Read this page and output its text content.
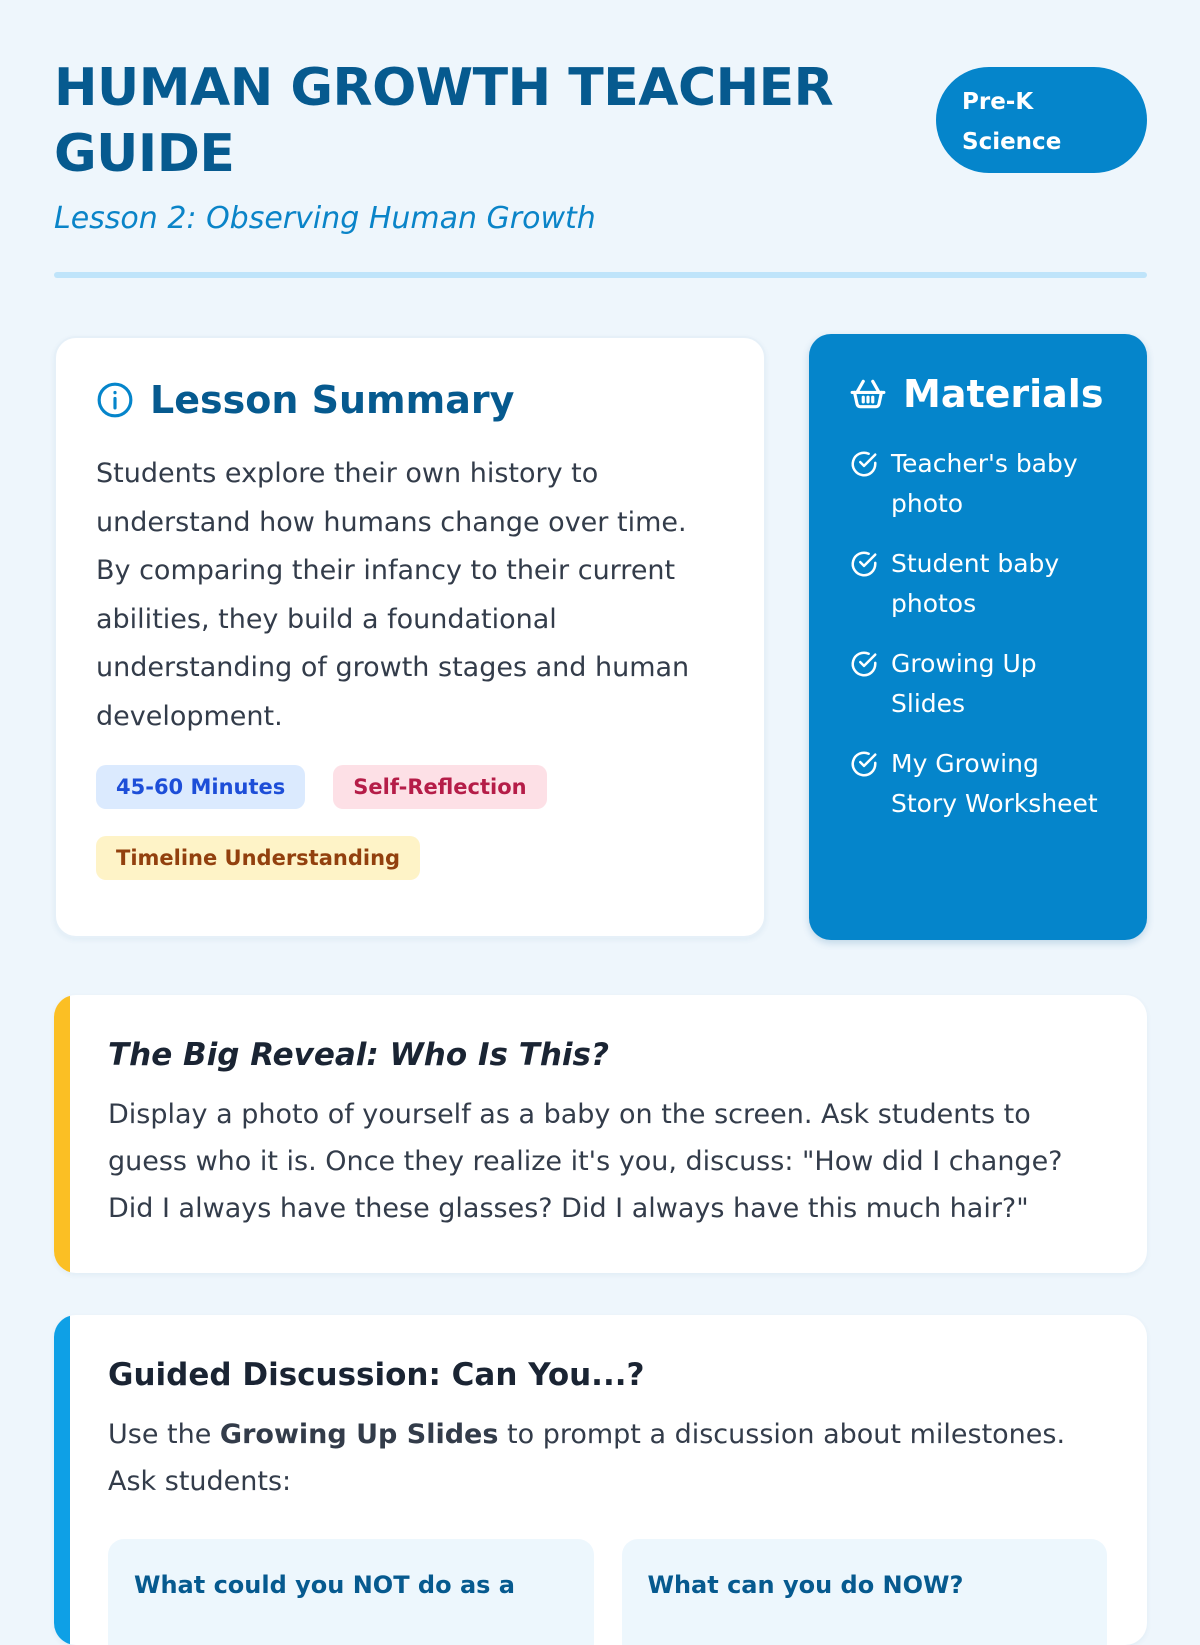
HUMAN GROWTH TEACHER GUIDE
Lesson 2: Observing Human Growth
Pre-K
Science
Lesson Summary

Students explore their own history to understand how humans change over time. By comparing their infancy to their current abilities, they build a foundational understanding of growth stages and human development.

45-60 Minutes	Self-Reflection
Timeline Understanding
Materials
Teacher's baby photo
Student baby photos
Growing Up Slides
My Growing Story Worksheet
The Big Reveal: Who Is This?

Display a photo of yourself as a baby on the screen. Ask students to guess who it is. Once they realize it's you, discuss: "How did I change? Did I always have these glasses? Did I always have this much hair?"

Guided Discussion: Can You...?

Use the Growing Up Slides to prompt a discussion about milestones. Ask students:

What could you NOT do as a	What can you do NOW?
